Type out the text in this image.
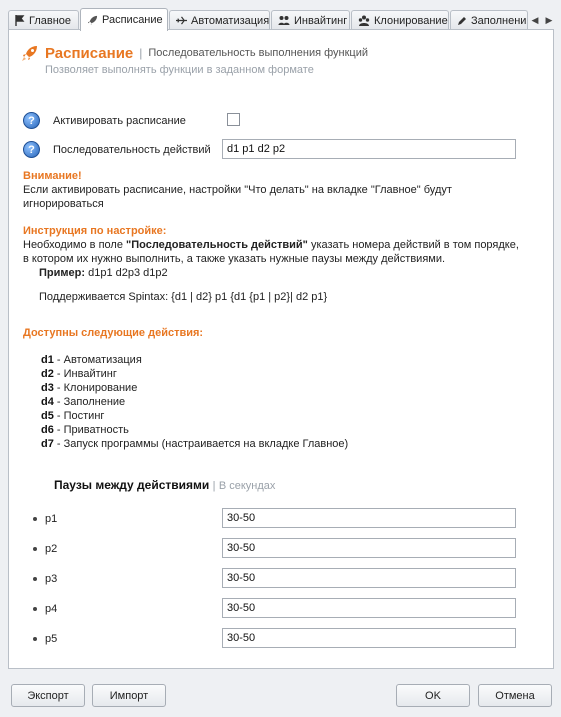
Главное	Расписание	Автоматизация Инвайтинг Клонирование Заполнени ◀ ▶
Расписание | Последовательность выполнения функций
Позволяет выполнять функции в заданном формате
?	Активировать расписание
?	Последовательность действий
d1 p1 d2 p2
Внимание!
Если активировать расписание, настройки "Что делать" на вкладке "Главное" будут игнорироваться
Инструкция по настройке:
Необходимо в поле "Последовательность действий" указать номера действий в том порядке, в котором их нужно выполнить, а также указать нужные паузы между действиями.
Пример: d1p1 d2p3 d1p2
Поддерживается Spintax: {d1 | d2} p1 {d1 {p1 | p2}| d2 p1}
Доступны следующие действия:
d1 - Автоматизация
d2 - Инвайтинг
d3 - Клонирование
d4 - Заполнение
d5 - Постинг
d6 - Приватность
d7 - Запуск программы (настраивается на вкладке Главное)
Паузы между действиями | В секундах
p1
30-50
p2
30-50
p3
30-50
p4
30-50
p5
30-50
Экспорт	Импорт	OK	Отмена
